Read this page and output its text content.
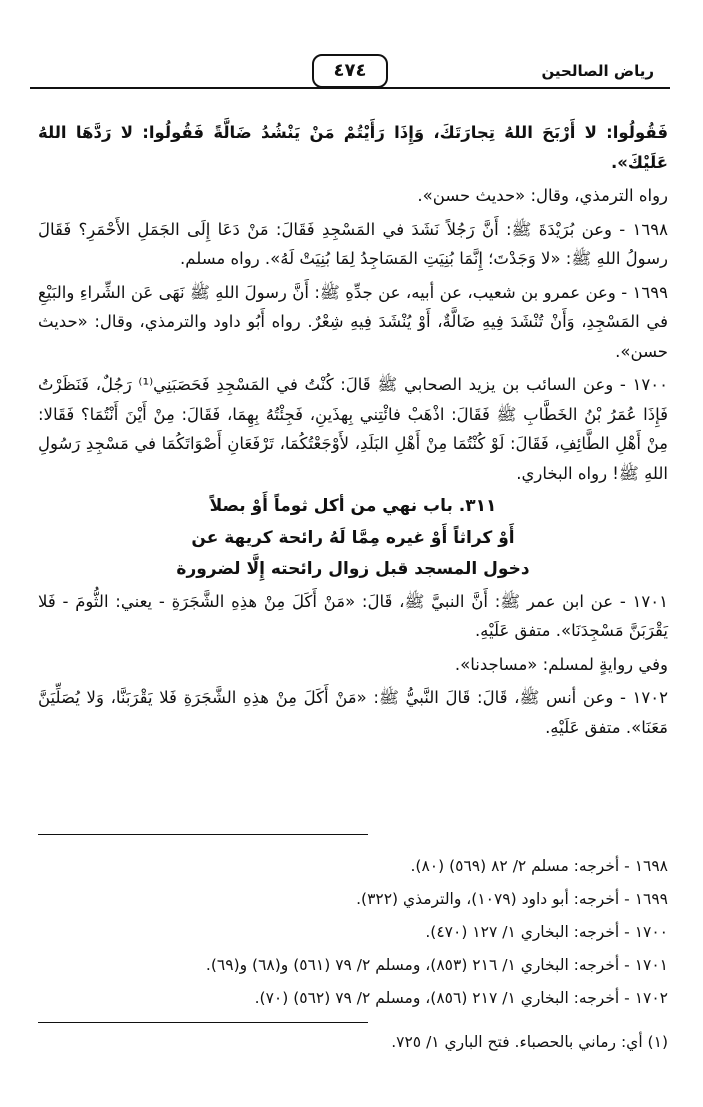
رياض الصالحين
٤٧٤

فَقُولُوا: لا أَرْبَحَ اللهُ تِجارَتَكَ، وَإِذَا رَأَيْتُمْ مَنْ يَنْشُدُ ضَالَّةً فَقُولُوا: لا رَدَّهَا اللهُ عَلَيْكَ».

رواه الترمذي، وقال: «حديث حسن».

١٦٩٨ - وعن بُرَيْدَةَ ﷺ: أَنَّ رَجُلاً نَشَدَ في المَسْجِدِ فَقَالَ: مَنْ دَعَا إِلَى الجَمَلِ الأَحْمَرِ؟ فَقَالَ رسولُ اللهِ ﷺ: «لا وَجَدْتَ؛ إِنَّمَا بُنِيَتِ المَسَاجِدُ لِمَا بُنِيَتْ لَهُ». رواه مسلم.

١٦٩٩ - وعن عمرو بن شعيب، عن أبيه، عن جدِّهِ ﷺ: أَنَّ رسولَ اللهِ ﷺ نَهَى عَن الشِّراءِ والبَيْعِ في المَسْجِدِ، وَأَنْ تُنْشَدَ فِيهِ ضَالَّةٌ، أَوْ يُنْشَدَ فِيهِ شِعْرٌ. رواه أَبُو داود والترمذي، وقال: «حديث حسن».

١٧٠٠ - وعن السائب بن يزيد الصحابي ﷺ قَالَ: كُنْتُ في المَسْجِدِ فَحَصَبَنِي⁽¹⁾ رَجُلٌ، فَنَظَرْتُ فَإِذَا عُمَرُ بْنُ الخَطَّابِ ﷺ فَقَالَ: اذْهَبْ فائْتِني بِهذَينِ، فَجِئْتُهُ بِهِمَا، فَقَالَ: مِنْ أَيْنَ أَنْتُمَا؟ فَقَالا: مِنْ أَهْلِ الطَّائِفِ، فَقَالَ: لَوْ كُنْتُمَا مِنْ أَهْلِ البَلَدِ، لأَوْجَعْتُكُمَا، تَرْفَعَانِ أَصْوَاتَكُمَا في مَسْجِدِ رَسُولِ اللهِ ﷺ! رواه البخاري.

٣١١. باب نهي من أكل ثوماً أَوْ بصلاً
أَوْ كراثاً أَوْ غيره مِمَّا لَهُ رائحة كريهة عن
دخول المسجد قبل زوال رائحته إِلَّا لضرورة

١٧٠١ - عن ابن عمر ﷺ: أَنَّ النبيَّ ﷺ، قَالَ: «مَنْ أَكَلَ مِنْ هذِهِ الشَّجَرَةِ - يعني: الثُّومَ - فَلا يَقْرَبَنَّ مَسْجِدَنَا». متفق عَلَيْهِ.

وفي روايةٍ لمسلم: «مساجدنا».

١٧٠٢ - وعن أنس ﷺ، قَالَ: قَالَ النَّبيُّ ﷺ: «مَنْ أَكَلَ مِنْ هذِهِ الشَّجَرَةِ فَلا يَقْرَبَنَّا، وَلا يُصَلِّيَنَّ مَعَنَا». متفق عَلَيْهِ.

١٦٩٨ - أخرجه: مسلم ٢/ ٨٢ (٥٦٩) (٨٠).
١٦٩٩ - أخرجه: أبو داود (١٠٧٩)، والترمذي (٣٢٢).
١٧٠٠ - أخرجه: البخاري ١/ ١٢٧ (٤٧٠).
١٧٠١ - أخرجه: البخاري ١/ ٢١٦ (٨٥٣)، ومسلم ٢/ ٧٩ (٥٦١) و(٦٨) و(٦٩).
١٧٠٢ - أخرجه: البخاري ١/ ٢١٧ (٨٥٦)، ومسلم ٢/ ٧٩ (٥٦٢) (٧٠).
(١) أي: رماني بالحصباء. فتح الباري ١/ ٧٢٥.
